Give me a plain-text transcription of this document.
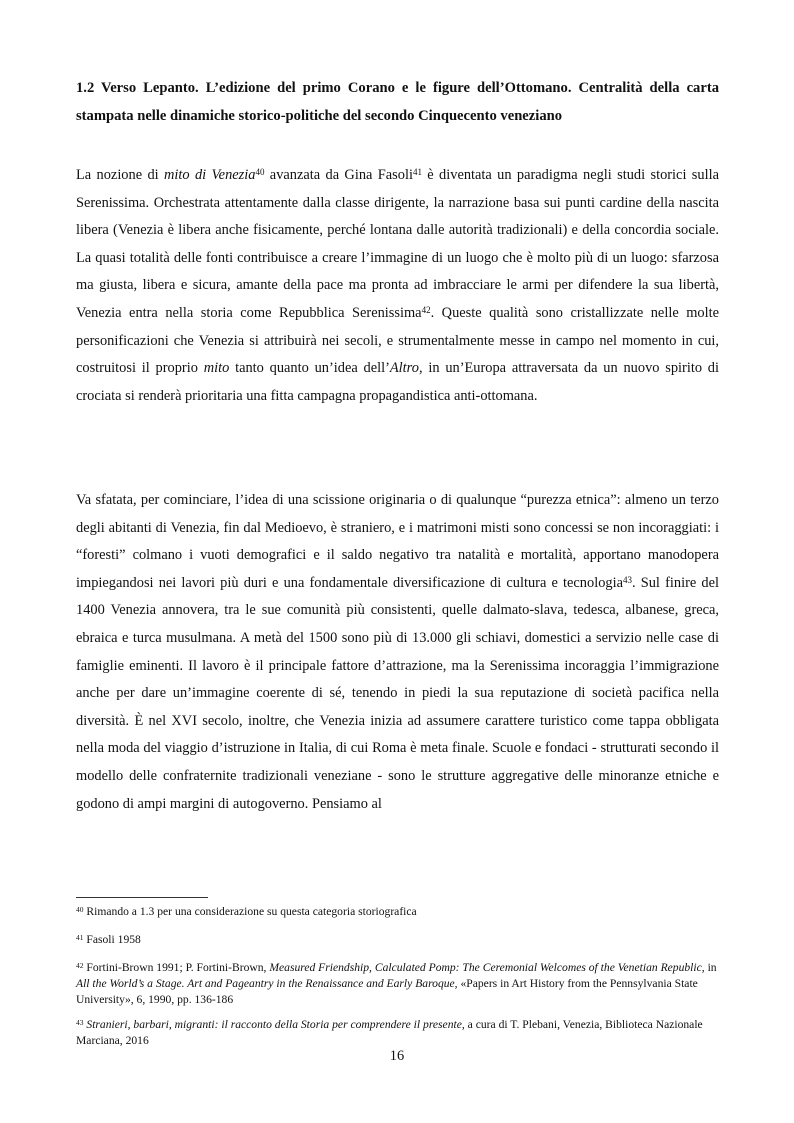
1.2 Verso Lepanto. L’edizione del primo Corano e le figure dell’Ottomano. Centralità della carta stampata nelle dinamiche storico-politiche del secondo Cinquecento veneziano

La nozione di mito di Venezia$^{40}$ avanzata da Gina Fasoli$^{41}$ è diventata un paradigma negli studi storici sulla Serenissima. Orchestrata attentamente dalla classe dirigente, la narrazione basa sui punti cardine della nascita libera (Venezia è libera anche fisicamente, perché lontana dalle autorità tradizionali) e della concordia sociale. La quasi totalità delle fonti contribuisce a creare l’immagine di un luogo che è molto più di un luogo: sfarzosa ma giusta, libera e sicura, amante della pace ma pronta ad imbracciare le armi per difendere la sua libertà, Venezia entra nella storia come Repubblica Serenissima$^{42}$. Queste qualità sono cristallizzate nelle molte personificazioni che Venezia si attribuirà nei secoli, e strumentalmente messe in campo nel momento in cui, costruitosi il proprio mito tanto quanto un’idea dell’Altro, in un’Europa attraversata da un nuovo spirito di crociata si renderà prioritaria una fitta campagna propagandistica anti-ottomana.

Va sfatata, per cominciare, l’idea di una scissione originaria o di qualunque “purezza etnica”: almeno un terzo degli abitanti di Venezia, fin dal Medioevo, è straniero, e i matrimoni misti sono concessi se non incoraggiati: i “foresti” colmano i vuoti demografici e il saldo negativo tra natalità e mortalità, apportano manodopera impiegandosi nei lavori più duri e una fondamentale diversificazione di cultura e tecnologia$^{43}$. Sul finire del 1400 Venezia annovera, tra le sue comunità più consistenti, quelle dalmato-slava, tedesca, albanese, greca, ebraica e turca musulmana. A metà del 1500 sono più di 13.000 gli schiavi, domestici a servizio nelle case di famiglie eminenti. Il lavoro è il principale fattore d’attrazione, ma la Serenissima incoraggia l’immigrazione anche per dare un’immagine coerente di sé, tenendo in piedi la sua reputazione di società pacifica nella diversità. È nel XVI secolo, inoltre, che Venezia inizia ad assumere carattere turistico come tappa obbligata nella moda del viaggio d’istruzione in Italia, di cui Roma è meta finale. Scuole e fondaci - strutturati secondo il modello delle confraternite tradizionali veneziane - sono le strutture aggregative delle minoranze etniche e godono di ampi margini di autogoverno. Pensiamo al

$^{40}$ Rimando a 1.3 per una considerazione su questa categoria storiografica
$^{41}$ Fasoli 1958
$^{42}$ Fortini-Brown 1991; P. Fortini-Brown, Measured Friendship, Calculated Pomp: The Ceremonial Welcomes of the Venetian Republic, in All the World’s a Stage. Art and Pageantry in the Renaissance and Early Baroque, «Papers in Art History from the Pennsylvania State University», 6, 1990, pp. 136-186
$^{43}$ Stranieri, barbari, migranti: il racconto della Storia per comprendere il presente, a cura di T. Plebani, Venezia, Biblioteca Nazionale Marciana, 2016
16
